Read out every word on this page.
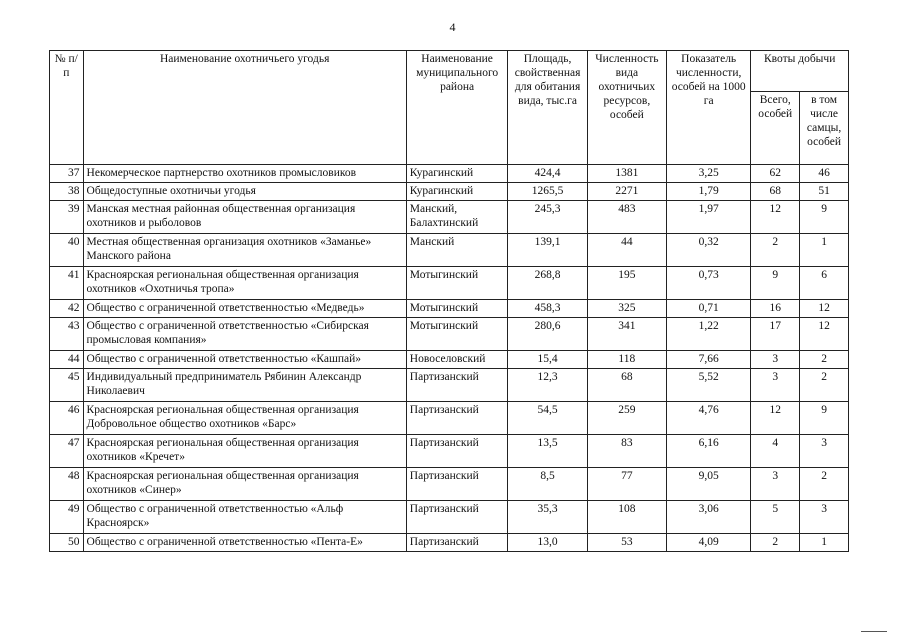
4
№ п/п	Наименование охотничьего угодья	Наименование муниципального района	Площадь, свойственная для обитания вида, тыс.га	Численность вида охотничьих ресурсов, особей	Показатель численности, особей на 1000 га	Квоты добычи	
						Всего, особей	в том числе самцы, особей
37	Некомерческое партнерство охотников промысловиков	Курагинский	424,4	1381	3,25	62	46
38	Общедоступные охотничьи угодья	Курагинский	1265,5	2271	1,79	68	51
39	Манская местная районная общественная организация охотников и рыболовов	Манский, Балахтинский	245,3	483	1,97	12	9
40	Местная общественная организация охотников «Заманье» Манского района	Манский	139,1	44	0,32	2	1
41	Красноярская региональная общественная организация охотников «Охотничья тропа»	Мотыгинский	268,8	195	0,73	9	6
42	Общество с ограниченной ответственностью «Медведь»	Мотыгинский	458,3	325	0,71	16	12
43	Общество с ограниченной ответственностью «Сибирская промысловая компания»	Мотыгинский	280,6	341	1,22	17	12
44	Общество с ограниченной ответственностью «Кашпай»	Новоселовский	15,4	118	7,66	3	2
45	Индивидуальный предприниматель Рябинин Александр Николаевич	Партизанский	12,3	68	5,52	3	2
46	Красноярская региональная общественная организация Добровольное общество охотников «Барс»	Партизанский	54,5	259	4,76	12	9
47	Красноярская региональная общественная организация охотников «Кречет»	Партизанский	13,5	83	6,16	4	3
48	Красноярская региональная общественная организация охотников «Синер»	Партизанский	8,5	77	9,05	3	2
49	Общество с ограниченной ответственностью «Альф Красноярск»	Партизанский	35,3	108	3,06	5	3
50	Общество с ограниченной ответственностью «Пента-Е»	Партизанский	13,0	53	4,09	2	1
